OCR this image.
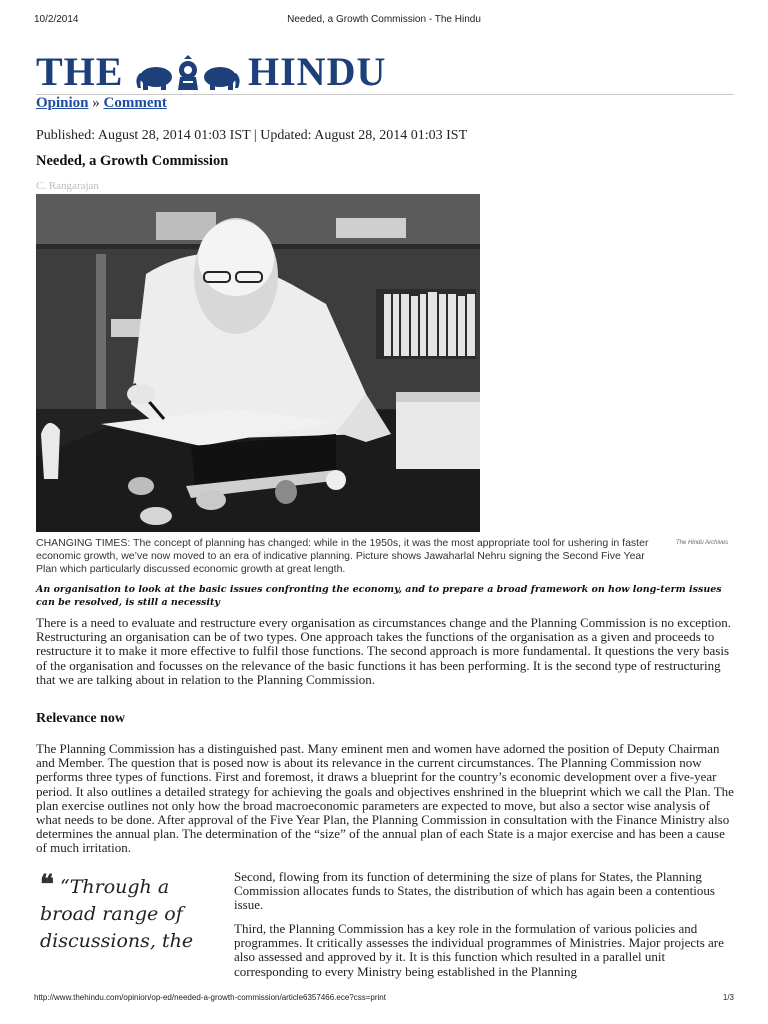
10/2/2014	Needed, a Growth Commission - The Hindu
THE	HINDU
Opinion » Comment
Published: August 28, 2014 01:03 IST | Updated: August 28, 2014 01:03 IST
Needed, a Growth Commission
C. Rangarajan
The Hindu Archives
CHANGING TIMES: The concept of planning has changed: while in the 1950s, it was the most appropriate tool for ushering in faster economic growth, we’ve now moved to an era of indicative planning. Picture shows Jawaharlal Nehru signing the Second Five Year Plan which particularly discussed economic growth at great length.
An organisation to look at the basic issues confronting the economy, and to prepare a broad framework on how long-term issues can be resolved, is still a necessity

There is a need to evaluate and restructure every organisation as circumstances change and the Planning Commission is no exception. Restructuring an organisation can be of two types. One approach takes the functions of the organisation as a given and proceeds to restructure it to make it more effective to fulfil those functions. The second approach is more fundamental. It questions the very basis of the organisation and focusses on the relevance of the basic functions it has been performing. It is the second type of restructuring that we are talking about in relation to the Planning Commission.

Relevance now

The Planning Commission has a distinguished past. Many eminent men and women have adorned the position of Deputy Chairman and Member. The question that is posed now is about its relevance in the current circumstances. The Planning Commission now performs three types of functions. First and foremost, it draws a blueprint for the country’s economic development over a five-year period. It also outlines a detailed strategy for achieving the goals and objectives enshrined in the blueprint which we call the Plan. The plan exercise outlines not only how the broad macroeconomic parameters are expected to move, but also a sector wise analysis of what needs to be done. After approval of the Five Year Plan, the Planning Commission in consultation with the Finance Ministry also determines the annual plan. The determination of the “size” of the annual plan of each State is a major exercise and has been a cause of much irritation.

❝ “Through a broad range of discussions, the

Second, flowing from its function of determining the size of plans for States, the Planning Commission allocates funds to States, the distribution of which has again been a contentious issue.

Third, the Planning Commission has a key role in the formulation of various policies and programmes. It critically assesses the individual programmes of Ministries. Major projects are also assessed and approved by it. It is this function which resulted in a parallel unit corresponding to every Ministry being established in the Planning

http://www.thehindu.com/opinion/op-ed/needed-a-growth-commission/article6357466.ece?css=print	1/3
